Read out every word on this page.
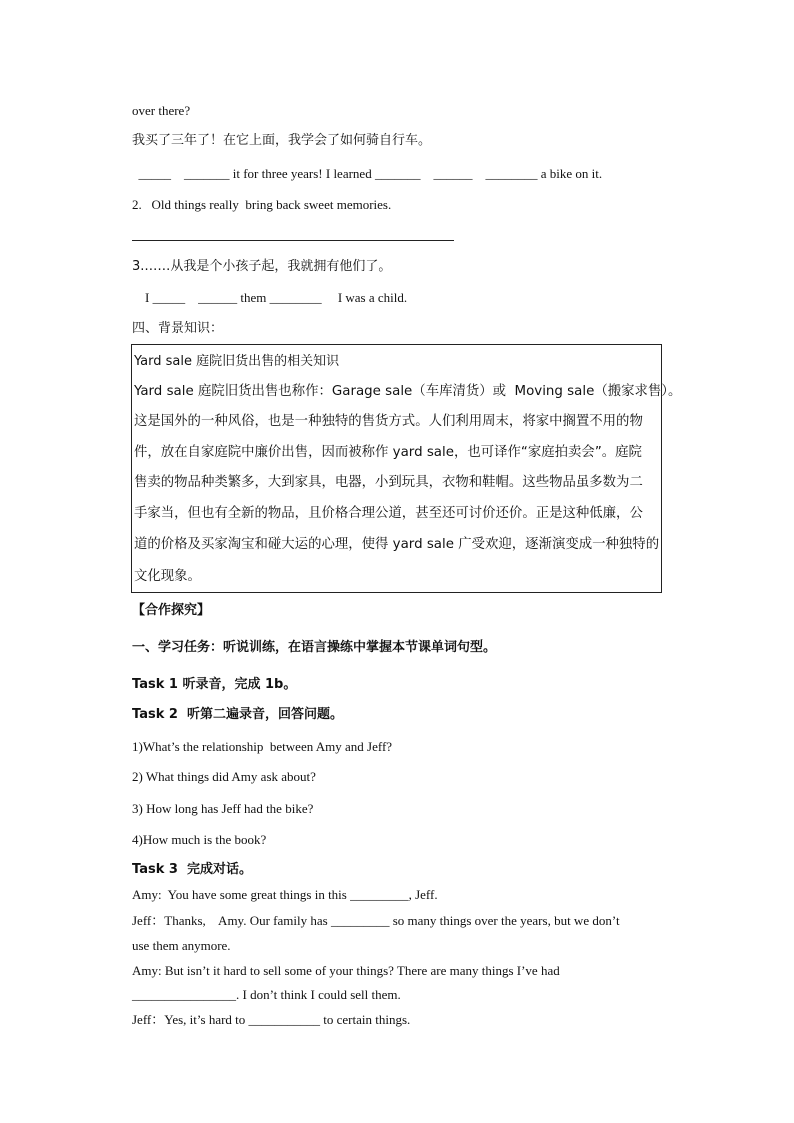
over there?
我买了三年了！在它上面，我学会了如何骑自行车。
_____    _______ it for three years! I learned _______    ______    ________ a bike on it.
2.   Old things really  bring back sweet memories.
3.……从我是个小孩子起，我就拥有他们了。
I _____    ______ them ________     I was a child.
四、背景知识：
Yard sale 庭院旧货出售的相关知识
Yard sale 庭院旧货出售也称作：Garage sale（车库清货）或  Moving sale（搬家求售）。
这是国外的一种风俗，也是一种独特的售货方式。人们利用周末，将家中搁置不用的物
件，放在自家庭院中廉价出售，因而被称作 yard sale，也可译作“家庭拍卖会”。庭院
售卖的物品种类繁多，大到家具，电器，小到玩具，衣物和鞋帽。这些物品虽多数为二
手家当，但也有全新的物品，且价格合理公道，甚至还可讨价还价。正是这种低廉，公
道的价格及买家淘宝和碰大运的心理，使得 yard sale 广受欢迎，逐渐演变成一种独特的
文化现象。
【合作探究】
一、学习任务：听说训练，在语言操练中掌握本节课单词句型。
Task 1 听录音，完成 1b。
Task 2  听第二遍录音，回答问题。
1)What’s the relationship  between Amy and Jeff?
2) What things did Amy ask about?
3) How long has Jeff had the bike?
4)How much is the book?
Task 3  完成对话。
Amy:  You have some great things in this _________, Jeff.
Jeff：Thanks,    Amy. Our family has _________ so many things over the years, but we don’t
use them anymore.
Amy: But isn’t it hard to sell some of your things? There are many things I’ve had
________________. I don’t think I could sell them.
Jeff：Yes, it’s hard to ___________ to certain things.
